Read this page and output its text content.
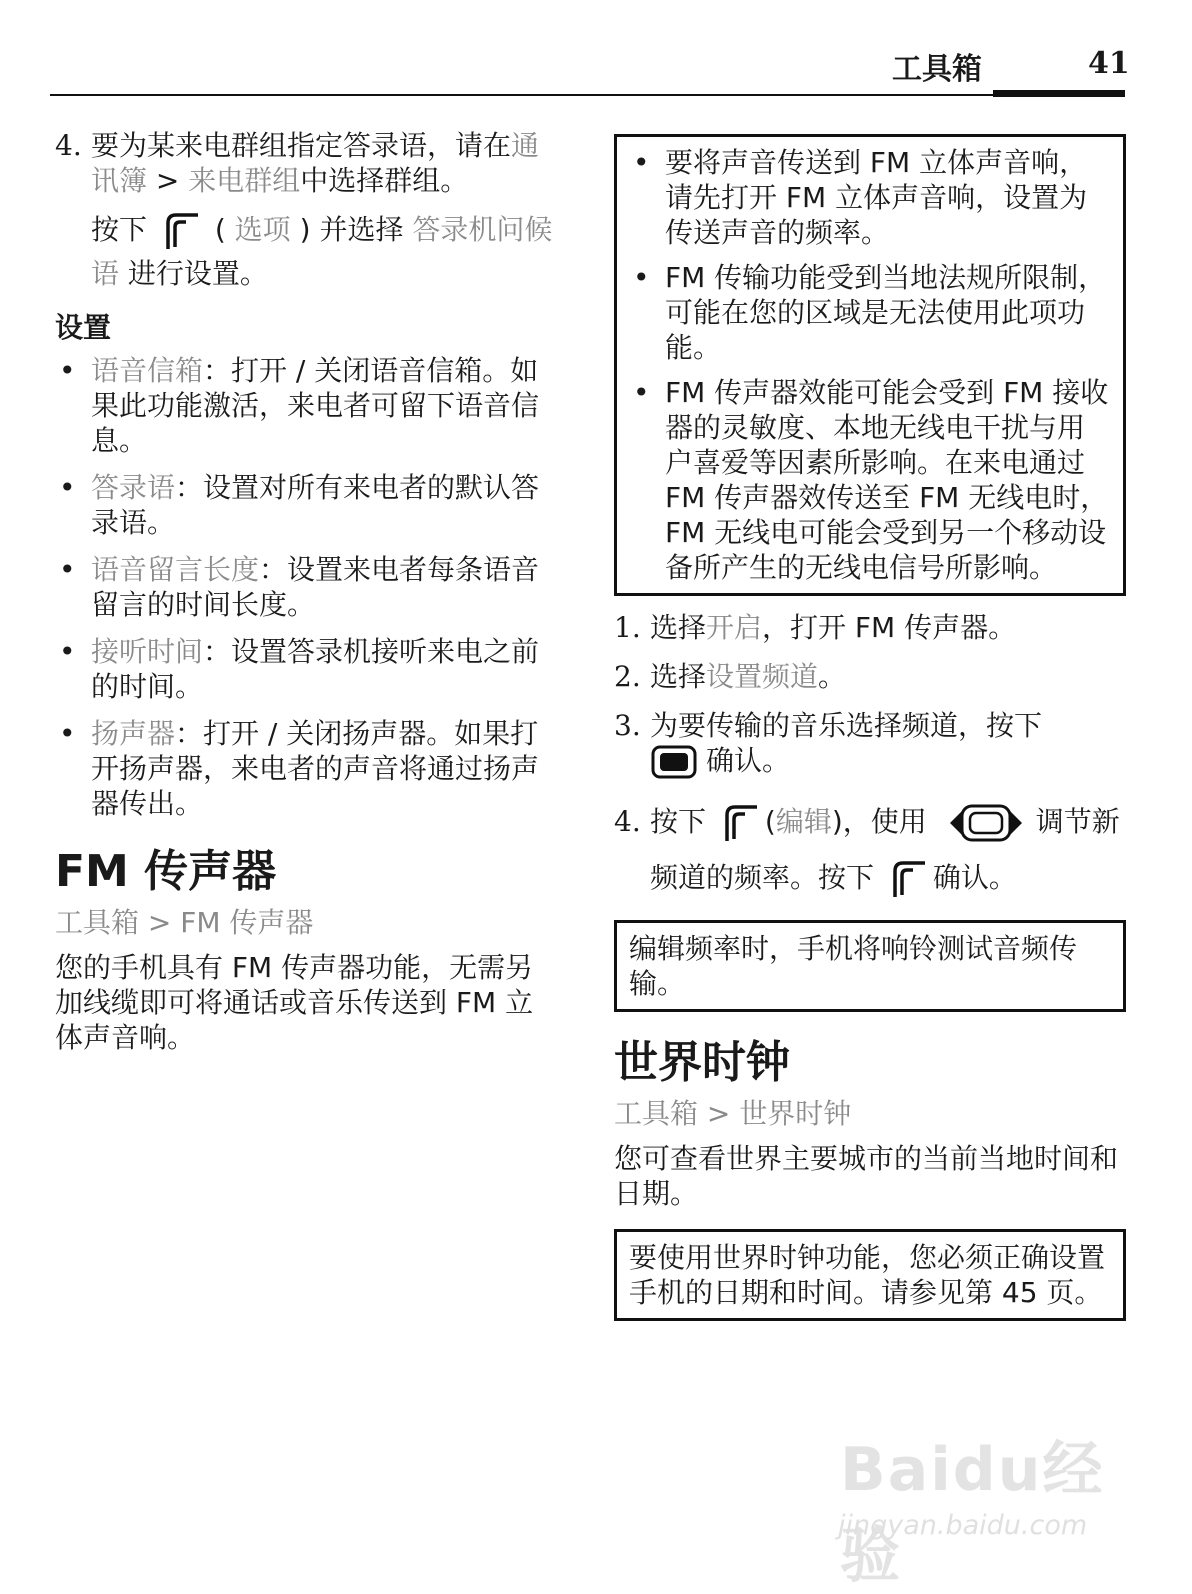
工具箱	41
4. 要为某来电群组指定答录语，请在通讯簿 > 来电群组中选择群组。
按下 ( 选项 ) 并选择 答录机问候语 进行设置。
设置
• 语音信箱：打开 / 关闭语音信箱。如果此功能激活，来电者可留下语音信息。
• 答录语：设置对所有来电者的默认答录语。
• 语音留言长度：设置来电者每条语音留言的时间长度。
• 接听时间：设置答录机接听来电之前的时间。
• 扬声器：打开 / 关闭扬声器。如果打开扬声器，来电者的声音将通过扬声器传出。
FM 传声器
工具箱 > FM 传声器
您的手机具有 FM 传声器功能，无需另加线缆即可将通话或音乐传送到 FM 立体声音响。
• 要将声音传送到 FM 立体声音响，请先打开 FM 立体声音响，设置为传送声音的频率。
• FM 传输功能受到当地法规所限制，可能在您的区域是无法使用此项功能。
• FM 传声器效能可能会受到 FM 接收器的灵敏度、本地无线电干扰与用户喜爱等因素所影响。在来电通过 FM 传声器效传送至 FM 无线电时， FM 无线电可能会受到另一个移动设备所产生的无线电信号所影响。
1. 选择开启，打开 FM 传声器。
2. 选择设置频道。
3. 为要传输的音乐选择频道，按下

确认。
4. 按下 (编辑)，使用	调节新频道的频率。按下 确认。
编辑频率时，手机将响铃测试音频传输。
世界时钟
工具箱 > 世界时钟
您可查看世界主要城市的当前当地时间和日期。
要使用世界时钟功能，您必须正确设置手机的日期和时间。请参见第 45 页。
Baidu经验
jingyan.baidu.com
